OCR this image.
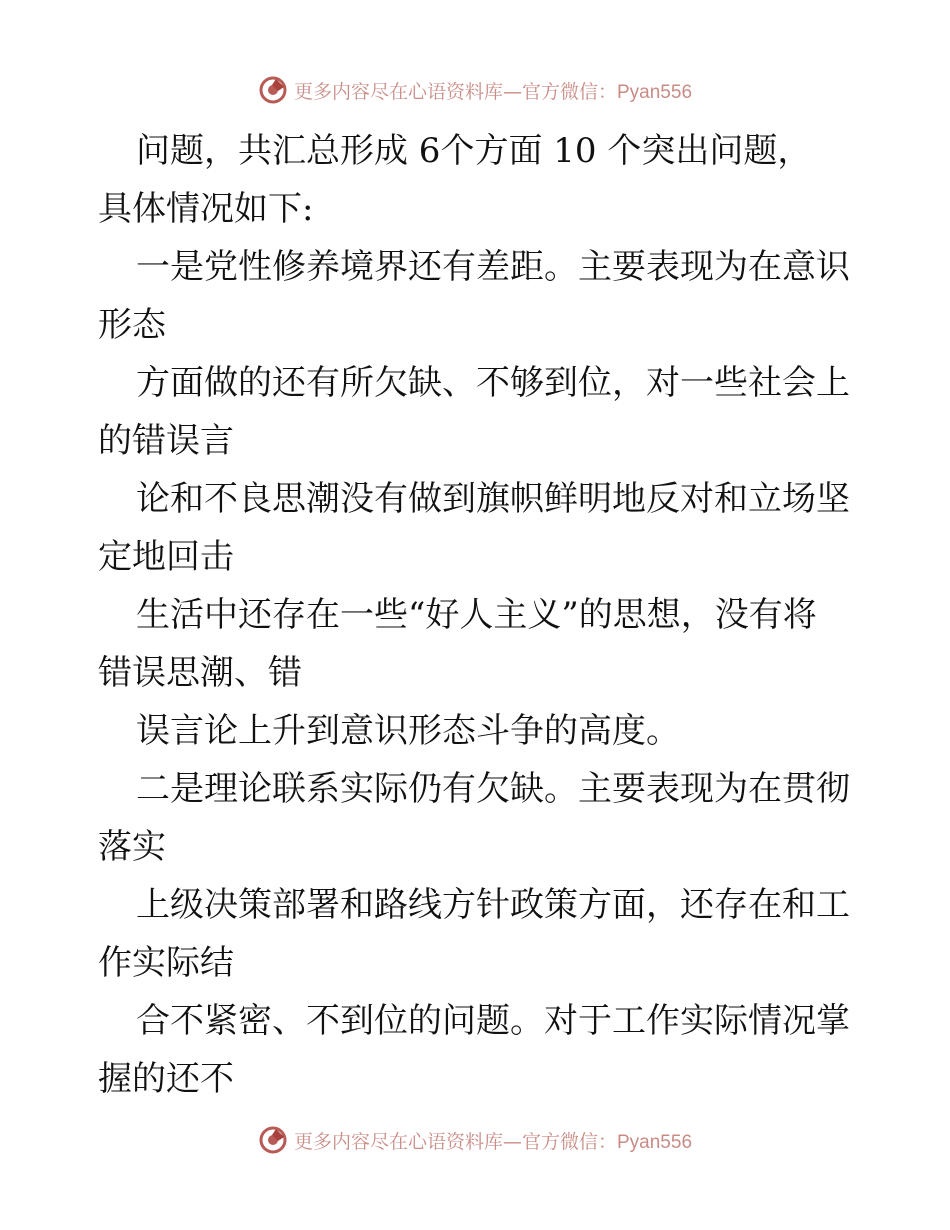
更多内容尽在心语资料库—官方微信：Pyan556
问题，共汇总形成 6个方面 10 个突出问题，
具体情况如下:
一是党性修养境界还有差距。主要表现为在意识
形态
方面做的还有所欠缺、不够到位，对一些社会上
的错误言
论和不良思潮没有做到旗帜鲜明地反对和立场坚
定地回击
生活中还存在一些“好人主义”的思想，没有将
错误思潮、错
误言论上升到意识形态斗争的高度。
二是理论联系实际仍有欠缺。主要表现为在贯彻
落实
上级决策部署和路线方针政策方面，还存在和工
作实际结
合不紧密、不到位的问题。对于工作实际情况掌
握的还不
更多内容尽在心语资料库—官方微信：Pyan556
